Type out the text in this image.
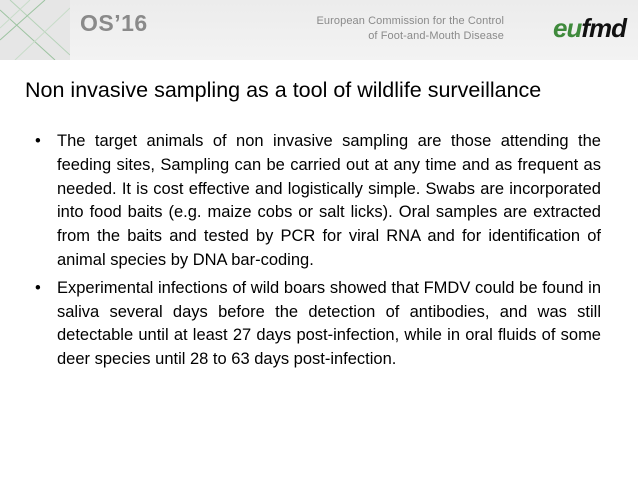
OS’16	European Commission for the Control
of Foot-and-Mouth Disease eufmd
Non invasive sampling as a tool of wildlife surveillance
• The target animals of non invasive sampling are those attending the feeding sites, Sampling can be carried out at any time and as frequent as needed. It is cost effective and logistically simple. Swabs are incorporated into food baits (e.g. maize cobs or salt licks). Oral samples are extracted from the baits and tested by PCR for viral RNA and for identification of animal species by DNA bar-coding.
• Experimental infections of wild boars showed that FMDV could be found in saliva several days before the detection of antibodies, and was still detectable until at least 27 days post-infection, while in oral fluids of some deer species until 28 to 63 days post-infection.
